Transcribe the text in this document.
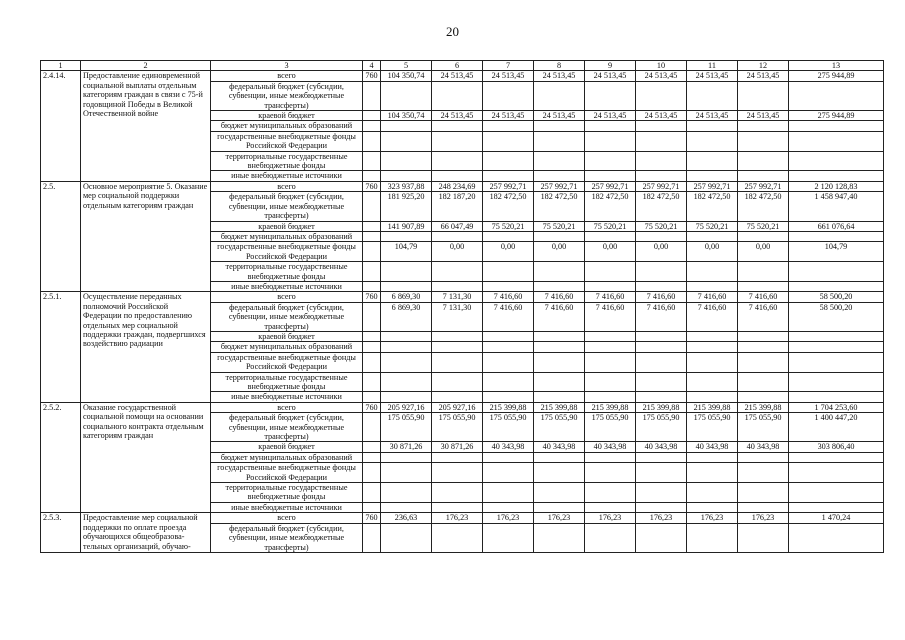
20
1	2	3	4	5	6	7	8	9	10	11	12	13
2.4.14.	Предоставление единовременной социальной выплаты отдельным категориям граждан в связи с 75-й годовщиной Победы в Великой Отечественной войне	всего	760	104 350,74	24 513,45	24 513,45	24 513,45	24 513,45	24 513,45	24 513,45	24 513,45	275 944,89
		федеральный бюджет (субсидии, субвенции, иные межбюджетные трансферты)										
		краевой бюджет		104 350,74	24 513,45	24 513,45	24 513,45	24 513,45	24 513,45	24 513,45	24 513,45	275 944,89
		бюджет муниципальных образований										
		государственные внебюджетные фонды Российской Федерации										
		территориальные государственные внебюджетные фонды										
		иные внебюджетные источники										
2.5.	Основное мероприятие 5. Оказание мер социальной поддержки отдельным категориям граждан	всего	760	323 937,88	248 234,69	257 992,71	257 992,71	257 992,71	257 992,71	257 992,71	257 992,71	2 120 128,83
		федеральный бюджет (субсидии, субвенции, иные межбюджетные трансферты)		181 925,20	182 187,20	182 472,50	182 472,50	182 472,50	182 472,50	182 472,50	182 472,50	1 458 947,40
		краевой бюджет		141 907,89	66 047,49	75 520,21	75 520,21	75 520,21	75 520,21	75 520,21	75 520,21	661 076,64
		бюджет муниципальных образований										
		государственные внебюджетные фонды Российской Федерации		104,79	0,00	0,00	0,00	0,00	0,00	0,00	0,00	104,79
		территориальные государственные внебюджетные фонды										
		иные внебюджетные источники										
2.5.1.	Осуществление переданных полномочий Российской Федерации по предоставлению отдельных мер социальной поддержки граждан, подвергшихся воздействию радиации	всего	760	6 869,30	7 131,30	7 416,60	7 416,60	7 416,60	7 416,60	7 416,60	7 416,60	58 500,20
		федеральный бюджет (субсидии, субвенции, иные межбюджетные трансферты)		6 869,30	7 131,30	7 416,60	7 416,60	7 416,60	7 416,60	7 416,60	7 416,60	58 500,20
		краевой бюджет										
		бюджет муниципальных образований										
		государственные внебюджетные фонды Российской Федерации										
		территориальные государственные внебюджетные фонды										
		иные внебюджетные источники										
2.5.2.	Оказание государственной социальной помощи на основании социального контракта отдельным категориям граждан	всего	760	205 927,16	205 927,16	215 399,88	215 399,88	215 399,88	215 399,88	215 399,88	215 399,88	1 704 253,60
		федеральный бюджет (субсидии, субвенции, иные межбюджетные трансферты)		175 055,90	175 055,90	175 055,90	175 055,90	175 055,90	175 055,90	175 055,90	175 055,90	1 400 447,20
		краевой бюджет		30 871,26	30 871,26	40 343,98	40 343,98	40 343,98	40 343,98	40 343,98	40 343,98	303 806,40
		бюджет муниципальных образований										
		государственные внебюджетные фонды Российской Федерации										
		территориальные государственные внебюджетные фонды										
		иные внебюджетные источники										
2.5.3.	Предоставление мер социальной поддержки по оплате проезда обучающихся общеобразова-тельных организаций, обучаю-	всего	760	236,63	176,23	176,23	176,23	176,23	176,23	176,23	176,23	1 470,24
		федеральный бюджет (субсидии, субвенции, иные межбюджетные трансферты)										
